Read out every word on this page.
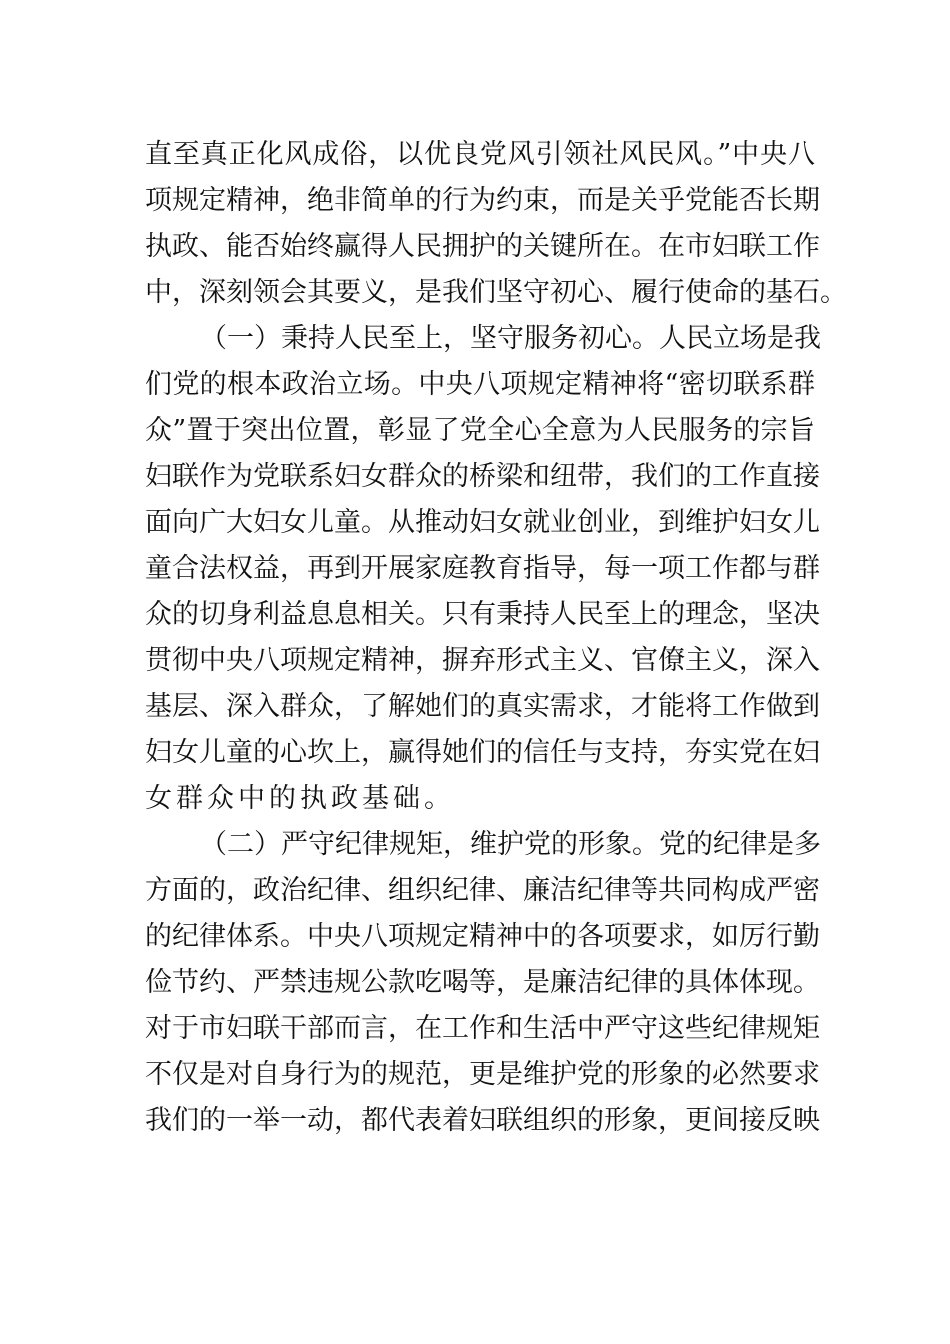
直至真正化风成俗，以优良党风引领社风民风。”中央八
项规定精神，绝非简单的行为约束，而是关乎党能否长期
执政、能否始终赢得人民拥护的关键所在。在市妇联工作
中，深刻领会其要义，是我们坚守初心、履行使命的基石。
（一）秉持人民至上，坚守服务初心。人民立场是我
们党的根本政治立场。中央八项规定精神将“密切联系群
众”置于突出位置，彰显了党全心全意为人民服务的宗旨
妇联作为党联系妇女群众的桥梁和纽带，我们的工作直接
面向广大妇女儿童。从推动妇女就业创业，到维护妇女儿
童合法权益，再到开展家庭教育指导，每一项工作都与群
众的切身利益息息相关。只有秉持人民至上的理念，坚决
贯彻中央八项规定精神，摒弃形式主义、官僚主义，深入
基层、深入群众，了解她们的真实需求，才能将工作做到
妇女儿童的心坎上，赢得她们的信任与支持，夯实党在妇
女群众中的执政基础。
（二）严守纪律规矩，维护党的形象。党的纪律是多
方面的，政治纪律、组织纪律、廉洁纪律等共同构成严密
的纪律体系。中央八项规定精神中的各项要求，如厉行勤
俭节约、严禁违规公款吃喝等，是廉洁纪律的具体体现。
对于市妇联干部而言，在工作和生活中严守这些纪律规矩
不仅是对自身行为的规范，更是维护党的形象的必然要求
我们的一举一动，都代表着妇联组织的形象，更间接反映
